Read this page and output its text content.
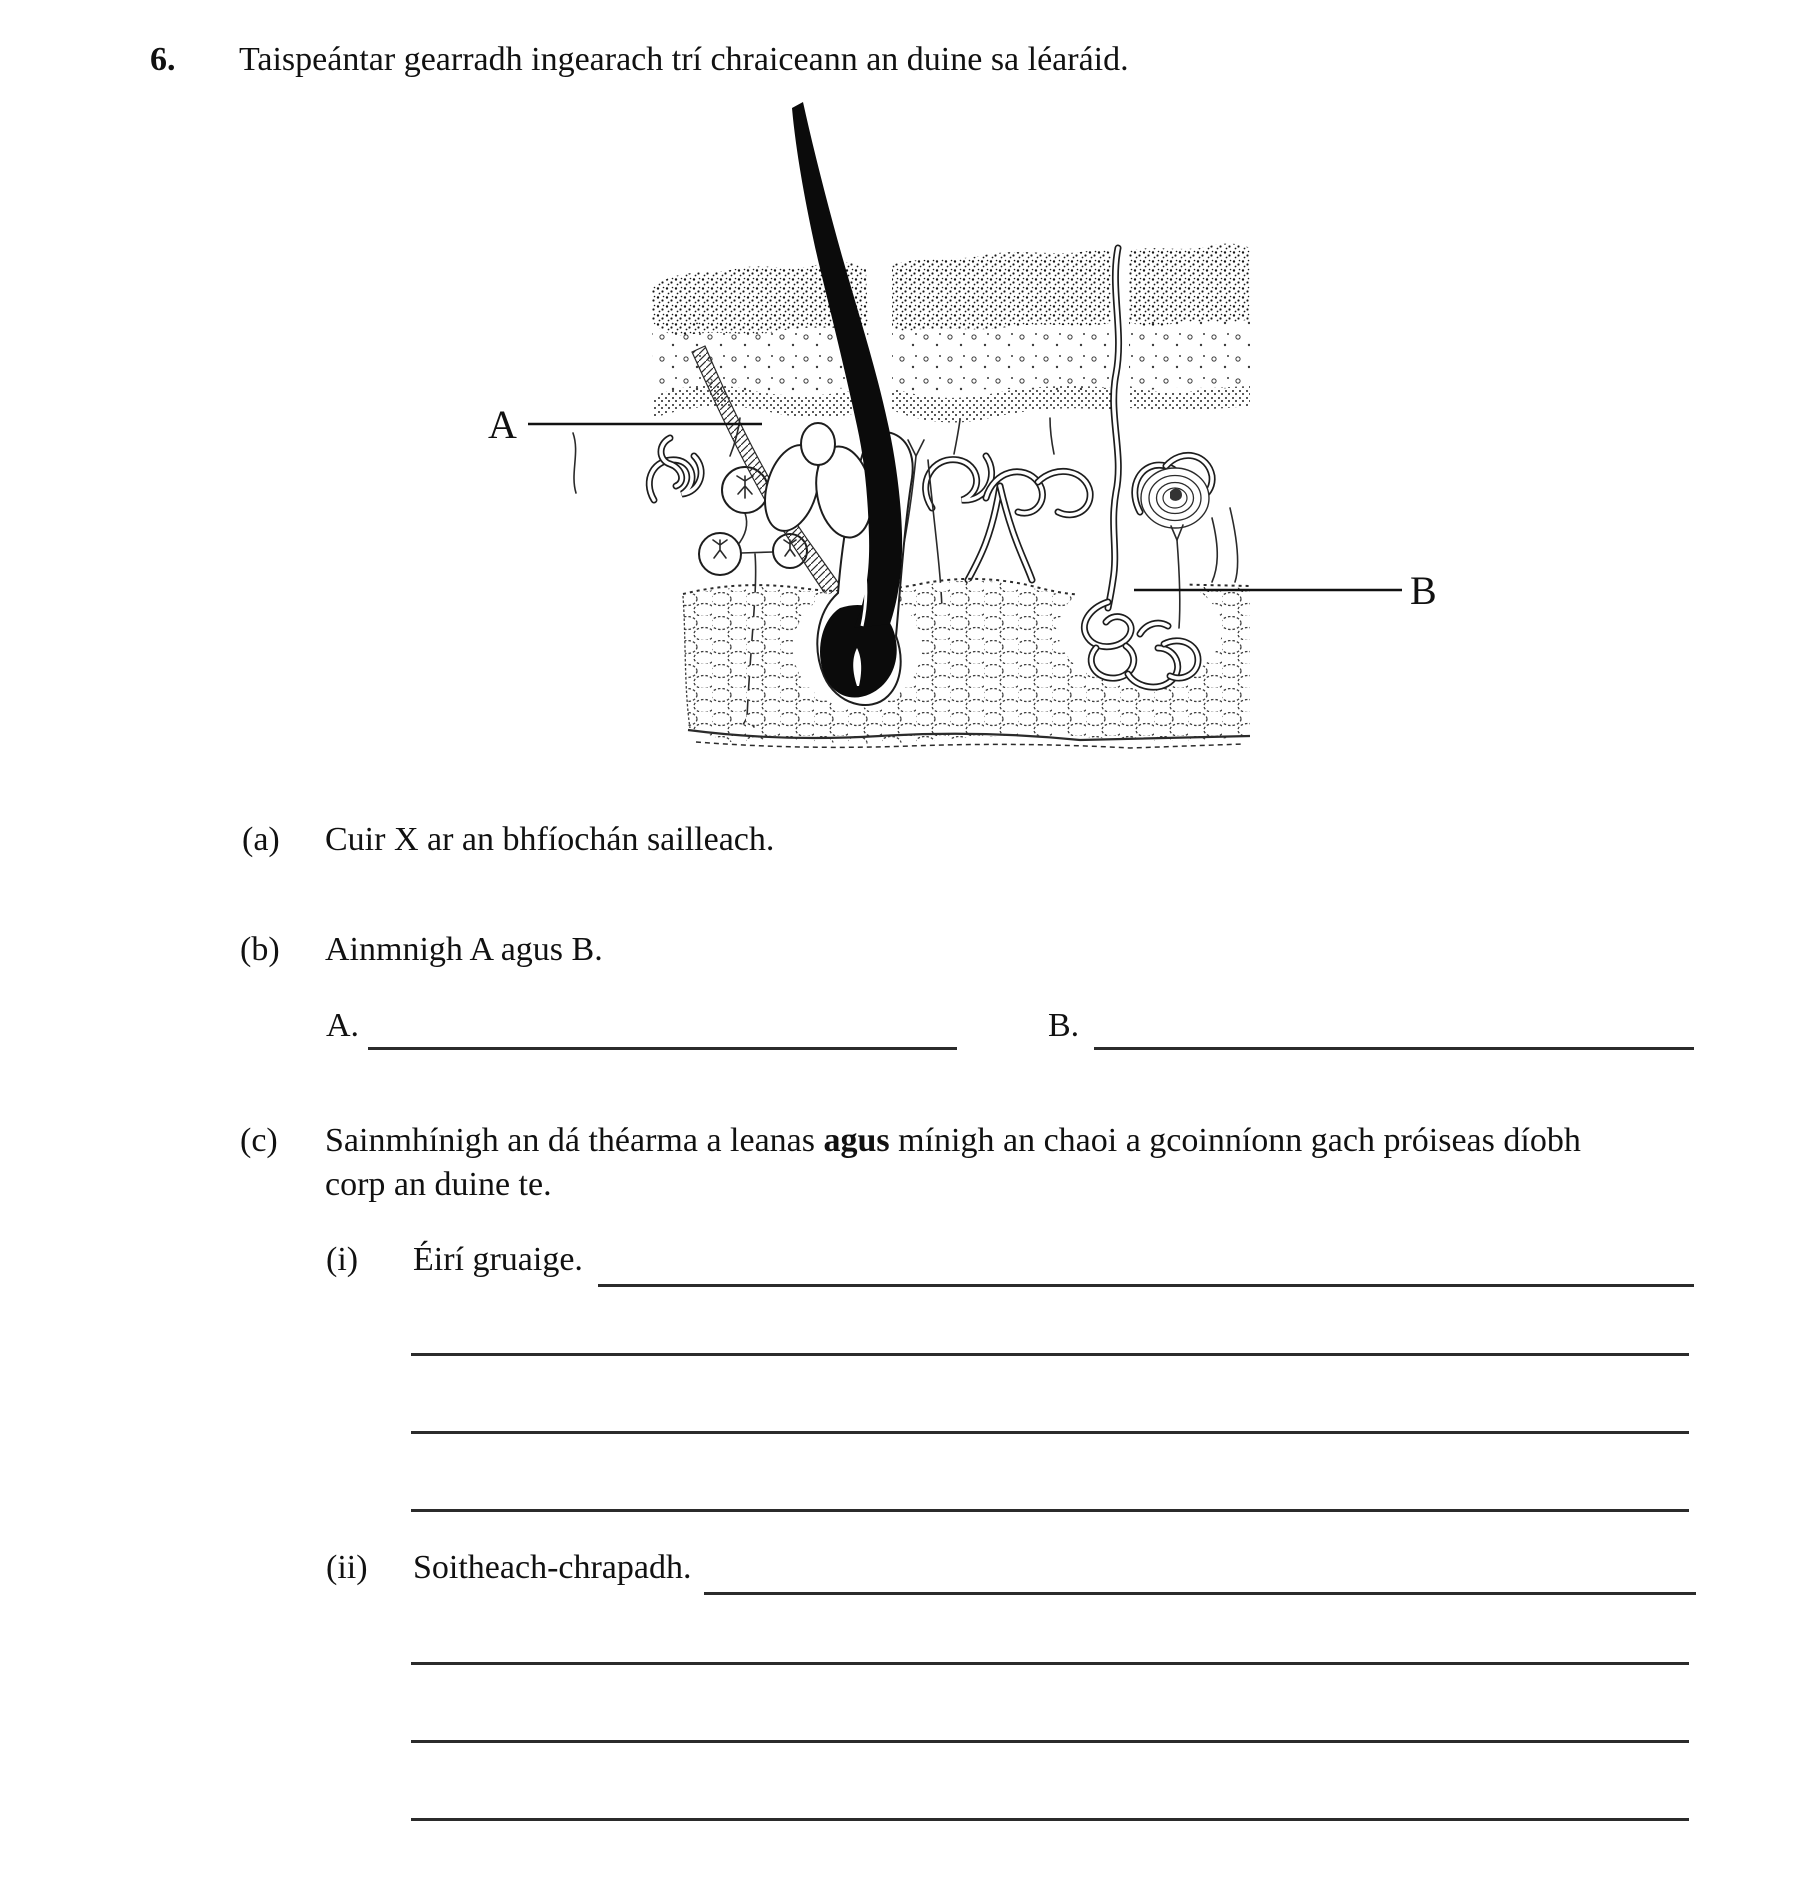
6. Taispeántar gearradh ingearach trí chraiceann an duine sa léaráid.
A
B
(a) Cuir X ar an bhfíochán sailleach.
(b) Ainmnigh A agus B.
A.	B.
(c) Sainmhínigh an dá théarma a leanas agus mínigh an chaoi a gcoinníonn gach próiseas díobh
corp an duine te.
(i) Éirí gruaige.
(ii) Soitheach-chrapadh.
